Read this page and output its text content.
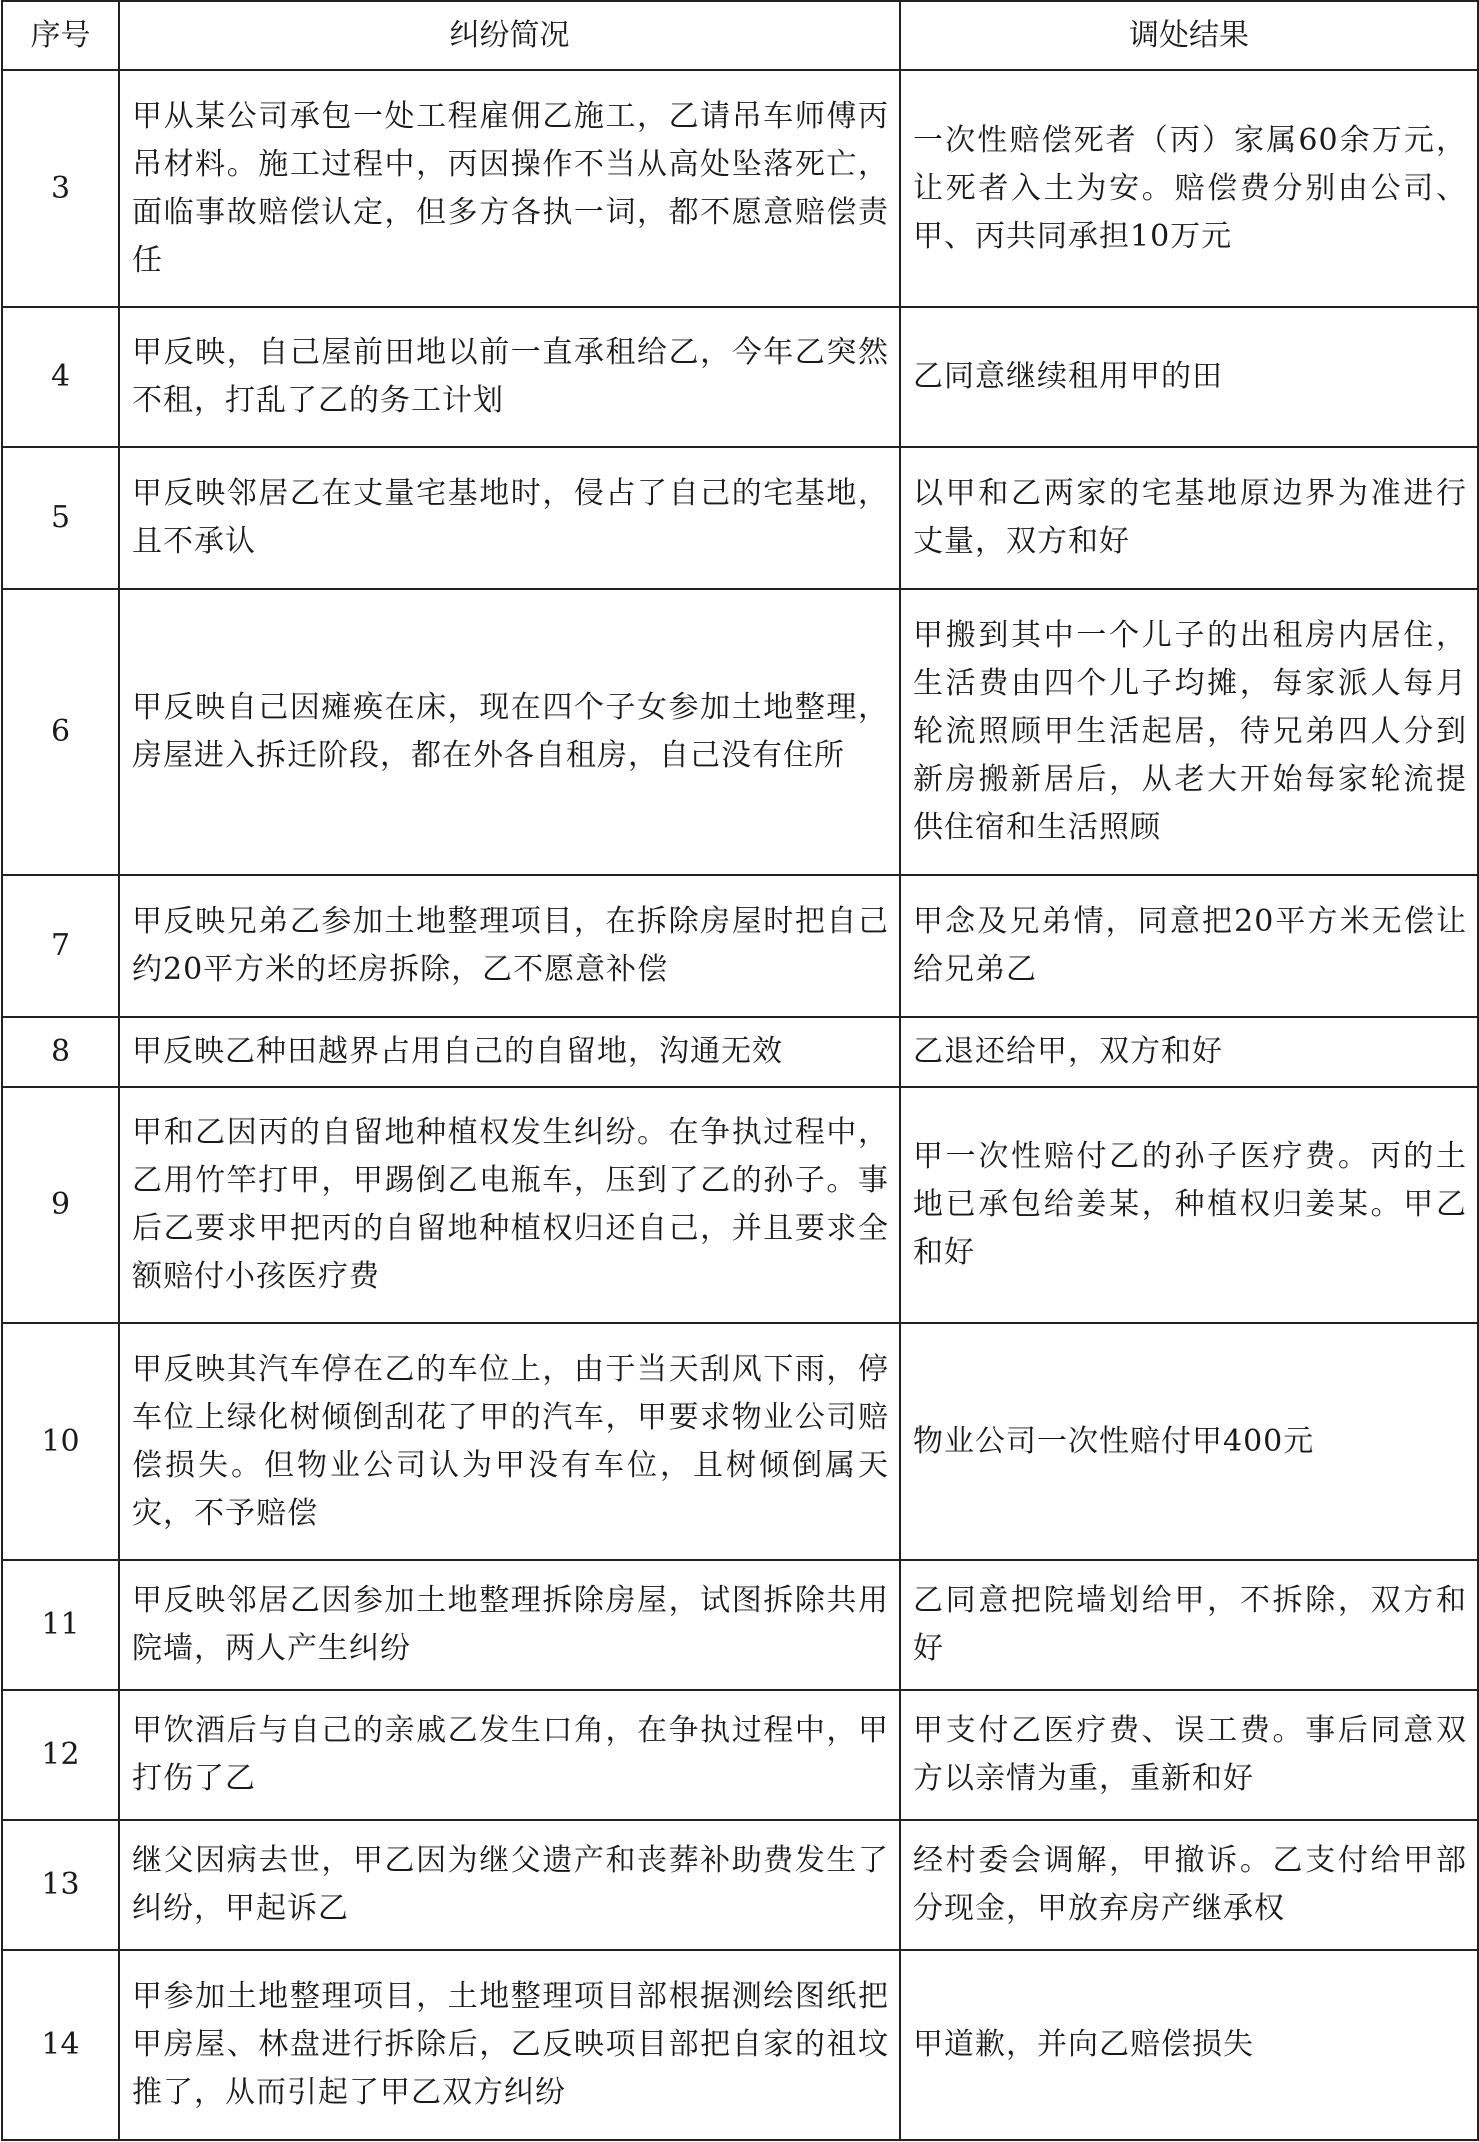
序号	纠纷简况	调处结果
3	甲从某公司承包一处工程雇佣乙施工，乙请吊车师傅丙吊材料。施工过程中，丙因操作不当从高处坠落死亡，面临事故赔偿认定，但多方各执一词，都不愿意赔偿责任	一次性赔偿死者（丙）家属60余万元，让死者入土为安。赔偿费分别由公司、甲、丙共同承担10万元
4	甲反映，自己屋前田地以前一直承租给乙，今年乙突然不租，打乱了乙的务工计划	乙同意继续租用甲的田
5	甲反映邻居乙在丈量宅基地时，侵占了自己的宅基地，且不承认	以甲和乙两家的宅基地原边界为准进行丈量，双方和好
6	甲反映自己因瘫痪在床，现在四个子女参加土地整理，房屋进入拆迁阶段，都在外各自租房，自己没有住所	甲搬到其中一个儿子的出租房内居住，生活费由四个儿子均摊，每家派人每月轮流照顾甲生活起居，待兄弟四人分到新房搬新居后，从老大开始每家轮流提供住宿和生活照顾
7	甲反映兄弟乙参加土地整理项目，在拆除房屋时把自己约20平方米的坯房拆除，乙不愿意补偿	甲念及兄弟情，同意把20平方米无偿让给兄弟乙
8	甲反映乙种田越界占用自己的自留地，沟通无效	乙退还给甲，双方和好
9	甲和乙因丙的自留地种植权发生纠纷。在争执过程中，乙用竹竿打甲，甲踢倒乙电瓶车，压到了乙的孙子。事后乙要求甲把丙的自留地种植权归还自己，并且要求全额赔付小孩医疗费	甲一次性赔付乙的孙子医疗费。丙的土地已承包给姜某，种植权归姜某。甲乙和好
10	甲反映其汽车停在乙的车位上，由于当天刮风下雨，停车位上绿化树倾倒刮花了甲的汽车，甲要求物业公司赔偿损失。但物业公司认为甲没有车位，且树倾倒属天灾，不予赔偿	物业公司一次性赔付甲400元
11	甲反映邻居乙因参加土地整理拆除房屋，试图拆除共用院墙，两人产生纠纷	乙同意把院墙划给甲，不拆除，双方和好
12	甲饮酒后与自己的亲戚乙发生口角，在争执过程中，甲打伤了乙	甲支付乙医疗费、误工费。事后同意双方以亲情为重，重新和好
13	继父因病去世，甲乙因为继父遗产和丧葬补助费发生了纠纷，甲起诉乙	经村委会调解，甲撤诉。乙支付给甲部分现金，甲放弃房产继承权
14	甲参加土地整理项目，土地整理项目部根据测绘图纸把甲房屋、林盘进行拆除后，乙反映项目部把自家的祖坟推了，从而引起了甲乙双方纠纷	甲道歉，并向乙赔偿损失
